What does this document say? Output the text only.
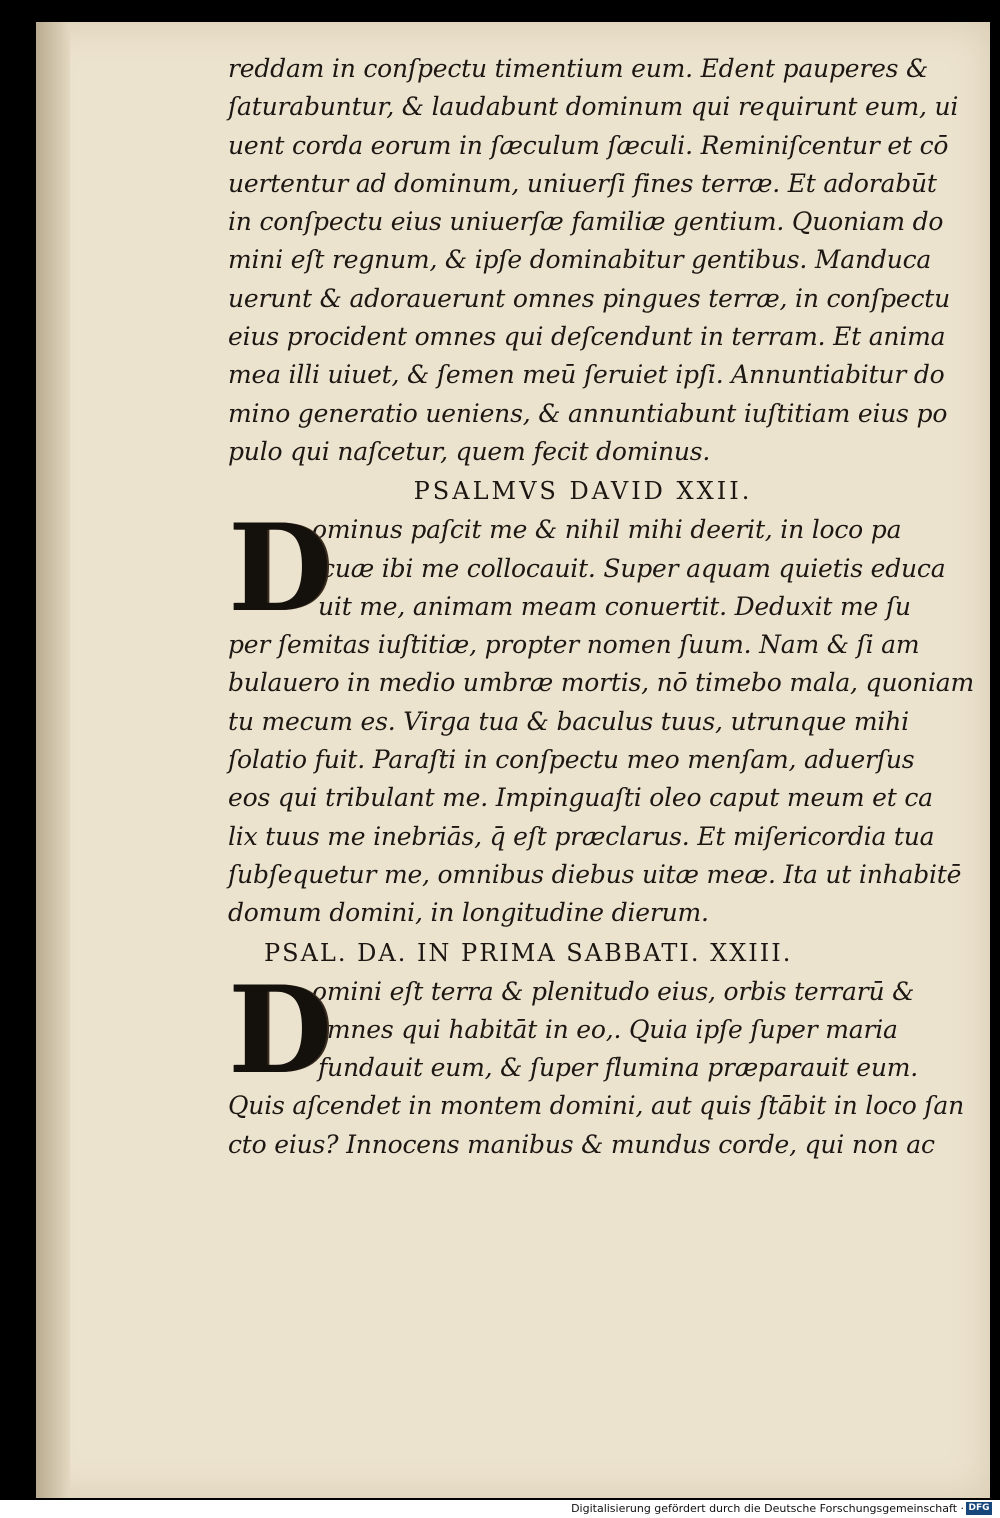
reddam in conſpectu timentium eum. Edent pauperes &
ſaturabuntur, & laudabunt dominum qui requirunt eum, ui
uent corda eorum in ſæculum ſæculi. Reminiſcentur et cō
uertentur ad dominum, uniuerſi fines terræ. Et adorabūt
in conſpectu eius uniuerſæ familiæ gentium. Quoniam do
mini eſt regnum, & ipſe dominabitur gentibus. Manduca
uerunt & adorauerunt omnes pingues terræ, in conſpectu
eius procident omnes qui deſcendunt in terram. Et anima
mea illi uiuet, & ſemen meū ſeruiet ipſi. Annuntiabitur do
mino generatio ueniens, & annuntiabunt iuſtitiam eius po
pulo qui naſcetur, quem fecit dominus.
PSALMVS DAVID XXII.
D
ominus paſcit me & nihil mihi deerit, in loco pa
ſcuæ ibi me collocauit. Super aquam quietis educa
uit me, animam meam conuertit. Deduxit me ſu
per ſemitas iuſtitiæ, propter nomen ſuum. Nam & ſi am
bulauero in medio umbræ mortis, nō timebo mala, quoniam
tu mecum es. Virga tua & baculus tuus, utrunque mihi
ſolatio fuit. Paraſti in conſpectu meo menſam, aduerſus
eos qui tribulant me. Impinguaſti oleo caput meum et ca
lix tuus me inebriās, q̄ eſt præclarus. Et miſericordia tua
ſubſequetur me, omnibus diebus uitæ meæ. Ita ut inhabitē
domum domini, in longitudine dierum.
PSAL. DA. IN PRIMA SABBATI. XXIII.
D
omini eſt terra & plenitudo eius, orbis terrarū &
omnes qui habitāt in eo,. Quia ipſe ſuper maria
fundauit eum, & ſuper flumina præparauit eum.
Quis aſcendet in montem domini, aut quis ſtābit in loco ſan
cto eius? Innocens manibus & mundus corde, qui non ac
Digitalisierung gefördert durch die Deutsche Forschungsgemeinschaft · DFG
